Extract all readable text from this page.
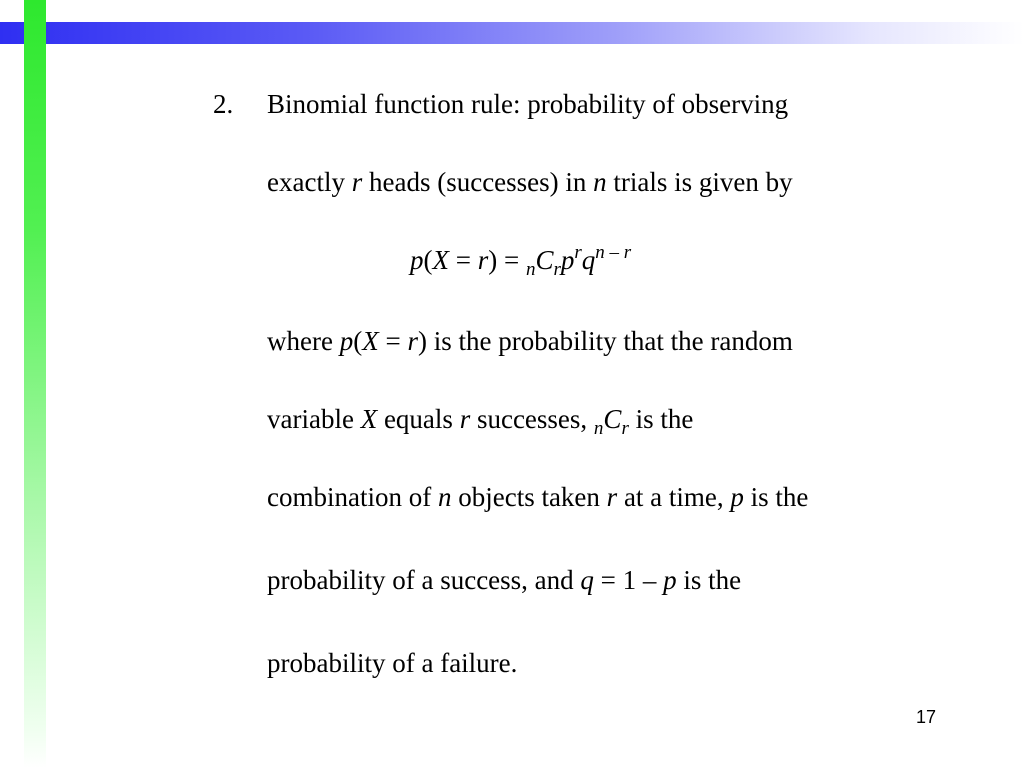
2. Binomial function rule: probability of observing
exactly r heads (successes) in n trials is given by
$p(X = r) = _nC_rp^rq^{n - r}$
where p(X = r) is the probability that the random
variable X equals r successes, $_nC_r$ is the
combination of n objects taken r at a time, p is the
probability of a success, and q = 1 – p is the
probability of a failure.
17
